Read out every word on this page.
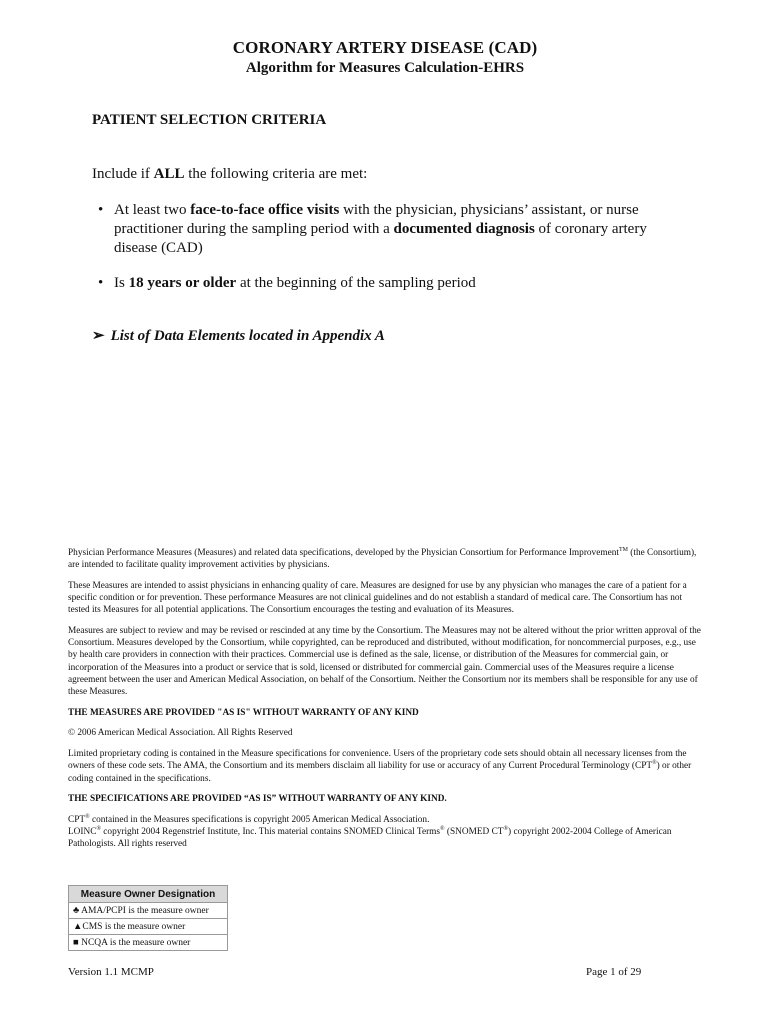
CORONARY ARTERY DISEASE (CAD)
Algorithm for Measures Calculation-EHRS
PATIENT SELECTION CRITERIA
Include if ALL the following criteria are met:
• At least two face-to-face office visits with the physician, physicians’ assistant, or nurse practitioner during the sampling period with a documented diagnosis of coronary artery disease (CAD)
• Is 18 years or older at the beginning of the sampling period
➢ List of Data Elements located in Appendix A

Physician Performance Measures (Measures) and related data specifications, developed by the Physician Consortium for Performance Improvement™ (the Consortium), are intended to facilitate quality improvement activities by physicians.

These Measures are intended to assist physicians in enhancing quality of care. Measures are designed for use by any physician who manages the care of a patient for a specific condition or for prevention. These performance Measures are not clinical guidelines and do not establish a standard of medical care. The Consortium has not tested its Measures for all potential applications. The Consortium encourages the testing and evaluation of its Measures.

Measures are subject to review and may be revised or rescinded at any time by the Consortium. The Measures may not be altered without the prior written approval of the Consortium. Measures developed by the Consortium, while copyrighted, can be reproduced and distributed, without modification, for noncommercial purposes, e.g., use by health care providers in connection with their practices. Commercial use is defined as the sale, license, or distribution of the Measures for commercial gain, or incorporation of the Measures into a product or service that is sold, licensed or distributed for commercial gain. Commercial uses of the Measures require a license agreement between the user and American Medical Association, on behalf of the Consortium. Neither the Consortium nor its members shall be responsible for any use of these Measures.

THE MEASURES ARE PROVIDED "AS IS" WITHOUT WARRANTY OF ANY KIND

© 2006 American Medical Association. All Rights Reserved

Limited proprietary coding is contained in the Measure specifications for convenience. Users of the proprietary code sets should obtain all necessary licenses from the owners of these code sets. The AMA, the Consortium and its members disclaim all liability for use or accuracy of any Current Procedural Terminology (CPT®) or other coding contained in the specifications.

THE SPECIFICATIONS ARE PROVIDED “AS IS” WITHOUT WARRANTY OF ANY KIND.

CPT® contained in the Measures specifications is copyright 2005 American Medical Association.
LOINC® copyright 2004 Regenstrief Institute, Inc. This material contains SNOMED Clinical Terms® (SNOMED CT®) copyright 2002-2004 College of American Pathologists. All rights reserved

Measure Owner Designation
♣ AMA/PCPI is the measure owner
▲CMS is the measure owner
■ NCQA is the measure owner
Version 1.1 MCMP	Page 1 of 29
